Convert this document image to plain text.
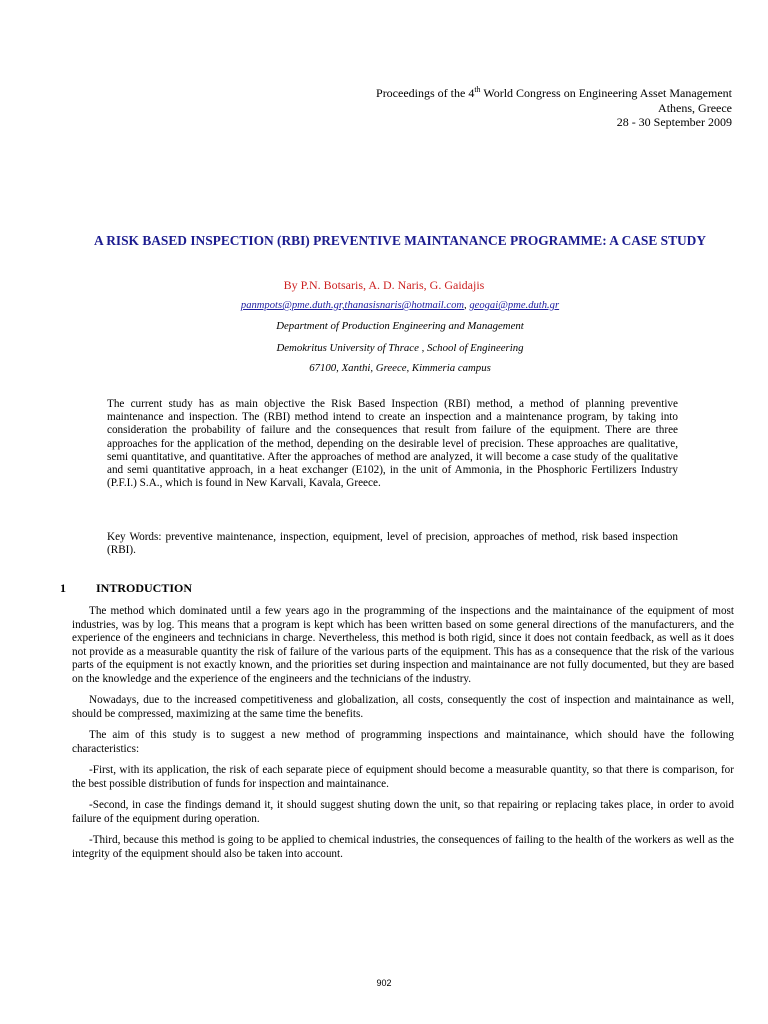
Proceedings of the 4th World Congress on Engineering Asset Management
Athens, Greece
28 - 30 September 2009
A RISK BASED INSPECTION (RBI) PREVENTIVE MAINTANANCE PROGRAMME: A CASE STUDY
By P.N. Botsaris, A. D. Naris, G. Gaidajis
panmpots@pme.duth.gr,thanasisnaris@hotmail.com, geogai@pme.duth.gr
Department of Production Engineering and Management
Demokritus University of Thrace , School of Engineering
67100, Xanthi, Greece, Kimmeria campus

The current study has as main objective the Risk Based Inspection (RBI) method, a method of planning preventive maintenance and inspection. The (RBI) method intend to create an inspection and a maintenance program, by taking into consideration the probability of failure and the consequences that result from failure of the equipment. There are three approaches for the application of the method, depending on the desirable level of precision. These approaches are qualitative, semi quantitative, and quantitative. After the approaches of method are analyzed, it will become a case study of the qualitative and semi quantitative approach, in a heat exchanger (E102), in the unit of Ammonia, in the Phosphoric Fertilizers Industry (P.F.I.) S.A., which is found in New Karvali, Kavala, Greece.

Key Words: preventive maintenance, inspection, equipment, level of precision, approaches of method, risk based inspection (RBI).

1	INTRODUCTION

The method which dominated until a few years ago in the programming of the inspections and the maintainance of the equipment of most industries, was by log. This means that a program is kept which has been written based on some general directions of the manufacturers, and the experience of the engineers and technicians in charge. Nevertheless, this method is both rigid, since it does not contain feedback, as well as it does not provide as a measurable quantity the risk of failure of the various parts of the equipment. This has as a consequence that the risk of the various parts of the equipment is not exactly known, and the priorities set during inspection and maintainance are not fully documented, but they are based on the knowledge and the experience of the engineers and the technicians of the industry.

Nowadays, due to the increased competitiveness and globalization, all costs, consequently the cost of inspection and maintainance as well, should be compressed, maximizing at the same time the benefits.

The aim of this study is to suggest a new method of programming inspections and maintainance, which should have the following characteristics:

-First, with its application, the risk of each separate piece of equipment should become a measurable quantity, so that there is comparison, for the best possible distribution of funds for inspection and maintainance.

-Second, in case the findings demand it, it should suggest shuting down the unit, so that repairing or replacing takes place, in order to avoid failure of the equipment during operation.

-Third, because this method is going to be applied to chemical industries, the consequences of failing to the health of the workers as well as the integrity of the equipment should also be taken into account.

902
